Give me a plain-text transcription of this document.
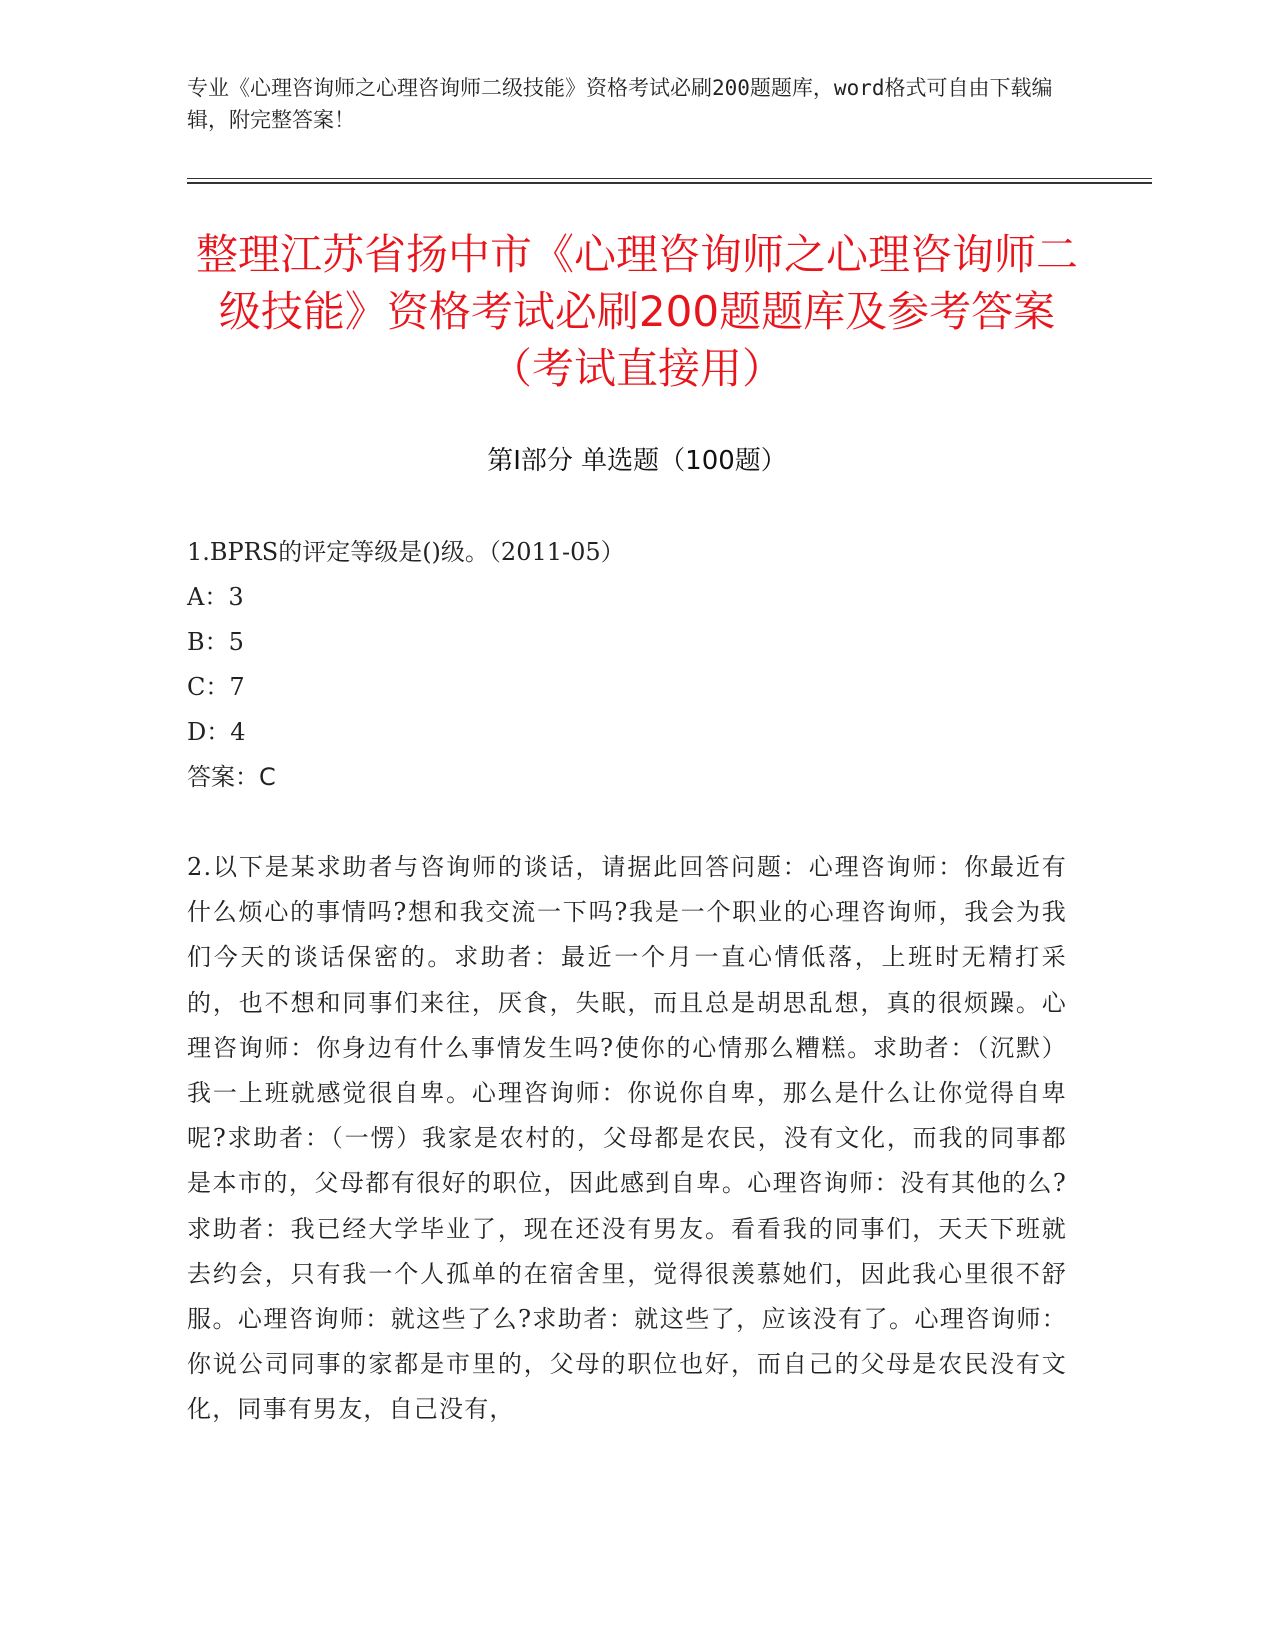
专业《心理咨询师之心理咨询师二级技能》资格考试必刷200题题库，word格式可自由下载编辑，附完整答案！
整理江苏省扬中市《心理咨询师之心理咨询师二级技能》资格考试必刷200题题库及参考答案（考试直接用）
第Ⅰ部分 单选题（100题）
1.BPRS的评定等级是()级。（2011-05）
A：3
B：5
C：7
D：4
答案：C
2.以下是某求助者与咨询师的谈话，请据此回答问题：心理咨询师：你最近有什么烦心的事情吗?想和我交流一下吗?我是一个职业的心理咨询师，我会为我们今天的谈话保密的。求助者：最近一个月一直心情低落，上班时无精打采的，也不想和同事们来往，厌食，失眠，而且总是胡思乱想，真的很烦躁。心理咨询师：你身边有什么事情发生吗?使你的心情那么糟糕。求助者：（沉默）我一上班就感觉很自卑。心理咨询师：你说你自卑，那么是什么让你觉得自卑呢?求助者：（一愣）我家是农村的，父母都是农民，没有文化，而我的同事都是本市的，父母都有很好的职位，因此感到自卑。心理咨询师：没有其他的么?求助者：我已经大学毕业了，现在还没有男友。看看我的同事们，天天下班就去约会，只有我一个人孤单的在宿舍里，觉得很羡慕她们，因此我心里很不舒服。心理咨询师：就这些了么?求助者：就这些了，应该没有了。心理咨询师：你说公司同事的家都是市里的，父母的职位也好，而自己的父母是农民没有文化，同事有男友，自己没有，
